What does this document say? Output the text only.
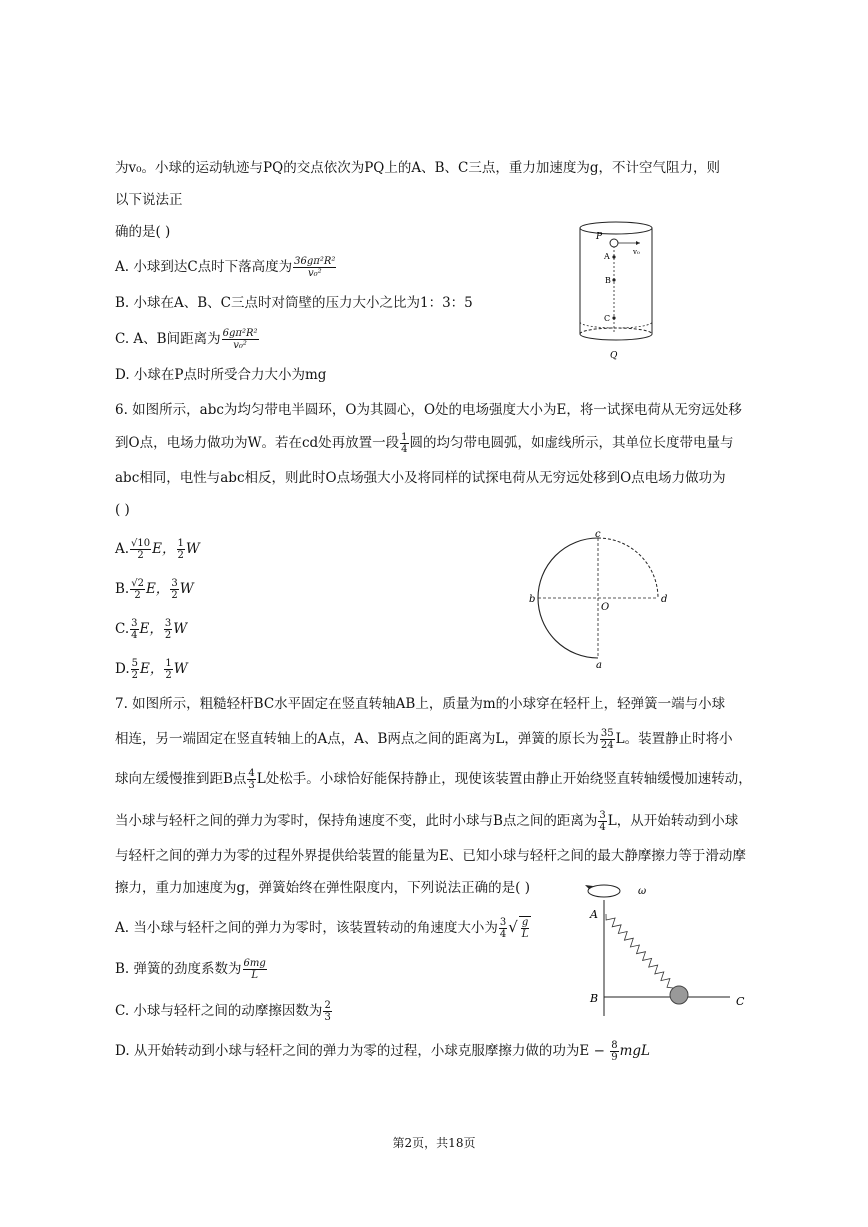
为v₀。小球的运动轨迹与PQ的交点依次为PQ上的A、B、C三点，重力加速度为g，不计空气阻力，则
以下说法正
确的是( )
A. 小球到达C点时下落高度为 $\frac{\text{36gπ²R²}}{\text{v₀²}}$
B. 小球在A、B、C三点时对筒壁的压力大小之比为1：3：5
C. A、B间距离为 $\frac{\text{6gπ²R²}}{\text{v₀²}}$
D. 小球在P点时所受合力大小为mg
P
A
B
C
Q
v₀
6. 如图所示，abc为均匀带电半圆环，O为其圆心，O处的电场强度大小为E，将一试探电荷从无穷远处移
到O点，电场力做功为W。若在cd处再放置一段 $\frac{1}{4}$ 圆的均匀带电圆弧，如虚线所示，其单位长度带电量与
abc相同，电性与abc相反，则此时O点场强大小及将同样的试探电荷从无穷远处移到O点电场力做功为
( )
A. $\frac{√10}{2}$ E， $\frac{1}{2}$ W
B. $\frac{√2}{2}$ E， $\frac{3}{2}$ W
C. $\frac{3}{4}$ E， $\frac{3}{2}$ W
D. $\frac{5}{2}$ E， $\frac{1}{2}$ W
c
b	d
a
O
7. 如图所示，粗糙轻杆BC水平固定在竖直转轴AB上，质量为m的小球穿在轻杆上，轻弹簧一端与小球
相连，另一端固定在竖直转轴上的A点，A、B两点之间的距离为L，弹簧的原长为 $\frac{35}{24}$ L。装置静止时将小
球向左缓慢推到距B点 $\frac{4}{3}$ L处松手。小球恰好能保持静止，现使该装置由静止开始绕竖直转轴缓慢加速转动，
当小球与轻杆之间的弹力为零时，保持角速度不变，此时小球与B点之间的距离为 $\frac{3}{4}$ L，从开始转动到小球
与轻杆之间的弹力为零的过程外界提供给装置的能量为E、已知小球与轻杆之间的最大静摩擦力等于滑动摩
擦力，重力加速度为g，弹簧始终在弹性限度内，下列说法正确的是( )
A. 当小球与轻杆之间的弹力为零时，该装置转动的角速度大小为 $\frac{3}{4}$ √ $\frac{g}{L}$
B. 弹簧的劲度系数为 $\frac{6mg}{L}$
C. 小球与轻杆之间的动摩擦因数为 $\frac{2}{3}$
D. 从开始转动到小球与轻杆之间的弹力为零的过程，小球克服摩擦力做的功为$E - \frac{8}{9}$ mgL
ω
A
B	C
第2页，共18页
